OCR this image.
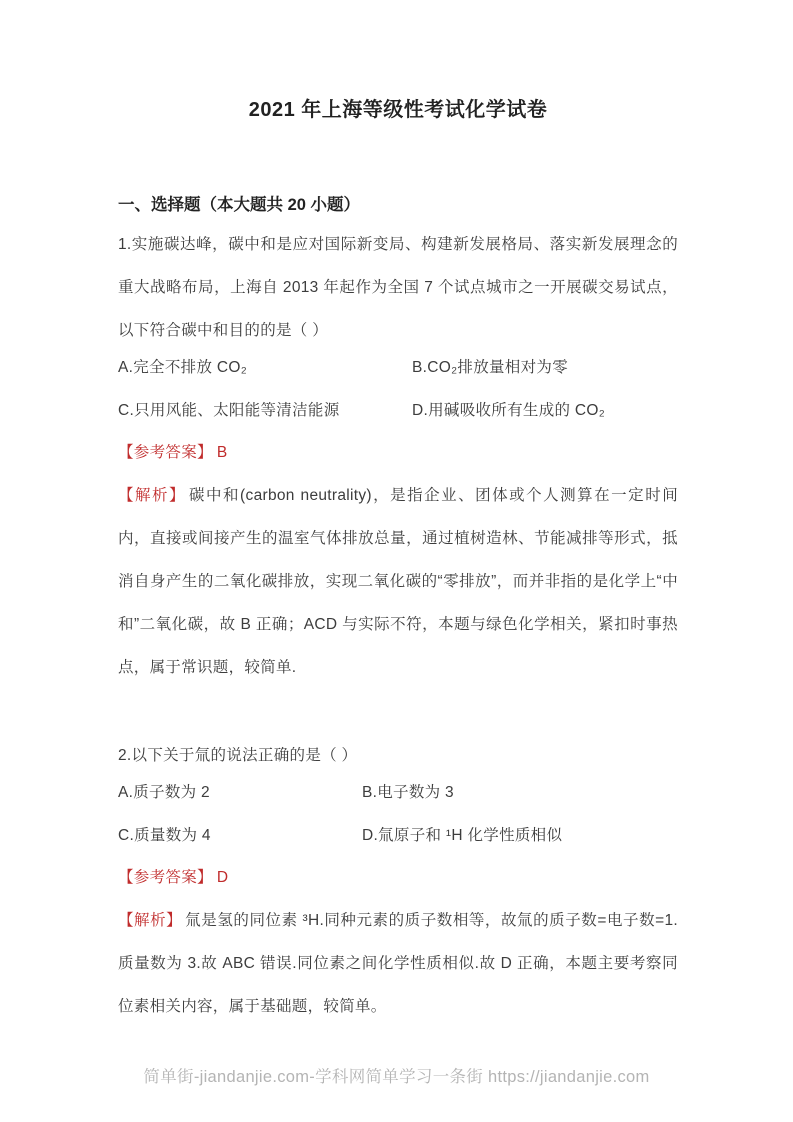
2021 年上海等级性考试化学试卷
一、选择题（本大题共 20 小题）

1.实施碳达峰，碳中和是应对国际新变局、构建新发展格局、落实新发展理念的重大战略布局，上海自 2013 年起作为全国 7 个试点城市之一开展碳交易试点，以下符合碳中和目的的是（ ）

A.完全不排放 CO₂	B.CO₂排放量相对为零
C.只用风能、太阳能等清洁能源	D.用碱吸收所有生成的 CO₂

【参考答案】 B

【解析】 碳中和(carbon neutrality)，是指企业、团体或个人测算在一定时间内，直接或间接产生的温室气体排放总量，通过植树造林、节能减排等形式，抵消自身产生的二氧化碳排放，实现二氧化碳的“零排放”，而并非指的是化学上“中和”二氧化碳，故 B 正确；ACD 与实际不符，本题与绿色化学相关，紧扣时事热点，属于常识题，较简单.

2.以下关于氚的说法正确的是（ ）

A.质子数为 2	B.电子数为 3
C.质量数为 4	D.氚原子和 ¹H 化学性质相似

【参考答案】 D

【解析】 氚是氢的同位素 ³H.同种元素的质子数相等，故氚的质子数=电子数=1.质量数为 3.故 ABC 错误.同位素之间化学性质相似.故 D 正确，本题主要考察同位素相关内容，属于基础题，较简单。

简单街-jiandanjie.com-学科网简单学习一条街 https://jiandanjie.com
